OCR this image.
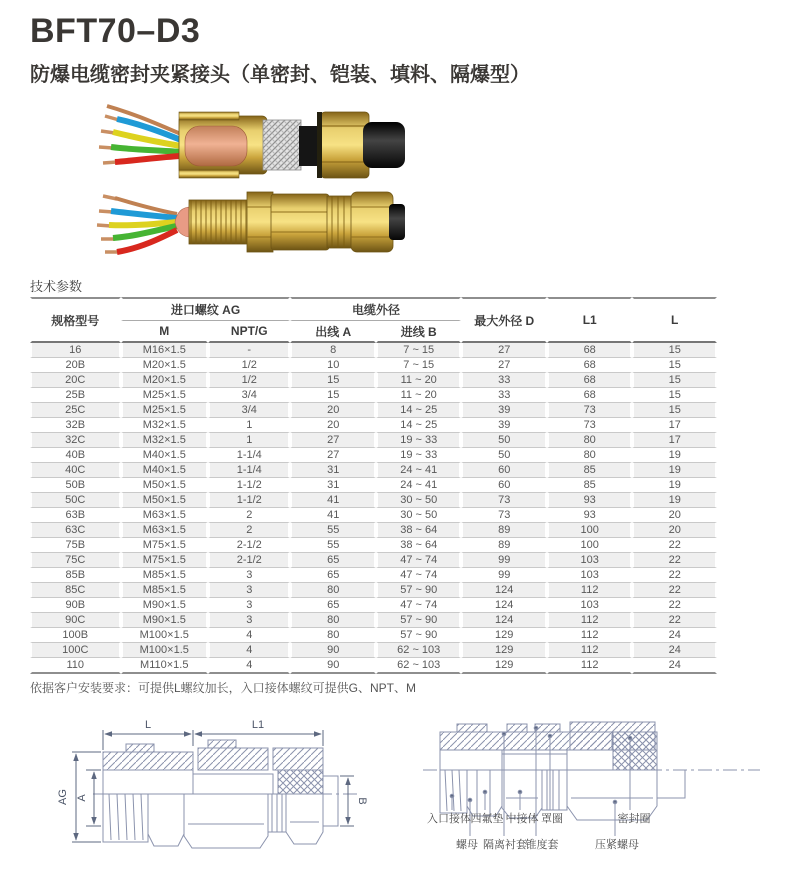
BFT70–D3
防爆电缆密封夹紧接头（单密封、铠装、填料、隔爆型）
技术参数
规格型号	进口螺纹 AG		电缆外径		最大外径 D	L1	L
	M	NPT/G	出线 A	进线 B			
16	M16×1.5	-	8	7 ~ 15	27	68	15
20B	M20×1.5	1/2	10	7 ~ 15	27	68	15
20C	M20×1.5	1/2	15	11 ~ 20	33	68	15
25B	M25×1.5	3/4	15	11 ~ 20	33	68	15
25C	M25×1.5	3/4	20	14 ~ 25	39	73	15
32B	M32×1.5	1	20	14 ~ 25	39	73	17
32C	M32×1.5	1	27	19 ~ 33	50	80	17
40B	M40×1.5	1-1/4	27	19 ~ 33	50	80	19
40C	M40×1.5	1-1/4	31	24 ~ 41	60	85	19
50B	M50×1.5	1-1/2	31	24 ~ 41	60	85	19
50C	M50×1.5	1-1/2	41	30 ~ 50	73	93	19
63B	M63×1.5	2	41	30 ~ 50	73	93	20
63C	M63×1.5	2	55	38 ~ 64	89	100	20
75B	M75×1.5	2-1/2	55	38 ~ 64	89	100	22
75C	M75×1.5	2-1/2	65	47 ~ 74	99	103	22
85B	M85×1.5	3	65	47 ~ 74	99	103	22
85C	M85×1.5	3	80	57 ~ 90	124	112	22
90B	M90×1.5	3	65	47 ~ 74	124	103	22
90C	M90×1.5	3	80	57 ~ 90	124	112	22
100B	M100×1.5	4	80	57 ~ 90	129	112	24
100C	M100×1.5	4	90	62 ~ 103	129	112	24
110	M110×1.5	4	90	62 ~ 103	129	112	24
依据客户安装要求：可提供L螺纹加长，入口接体螺纹可提供G、NPT、M
L	L1
AG A	B
入口接体 四氟垫 中接体 罩圈	密封圈
螺母 隔离衬套
锥度套	压紧螺母
